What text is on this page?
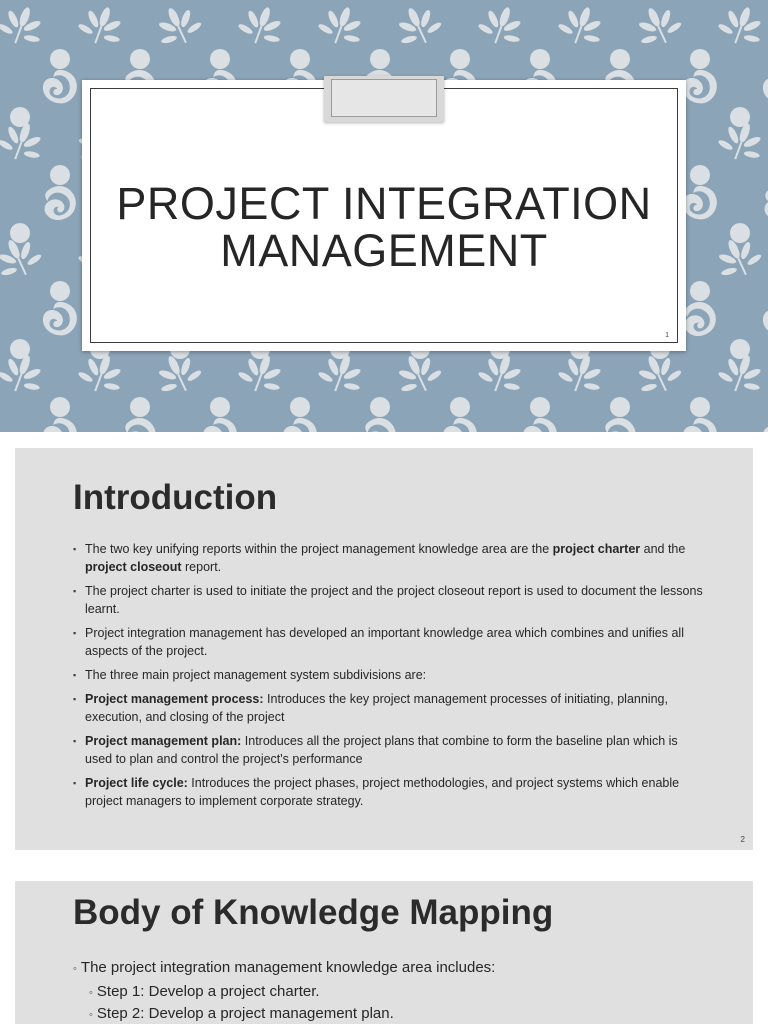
PROJECT INTEGRATION
MANAGEMENT
1
Introduction
▪ The two key unifying reports within the project management knowledge area are the project charter and the project closeout report.
▪ The project charter is used to initiate the project and the project closeout report is used to document the lessons learnt.
▪ Project integration management has developed an important knowledge area which combines and unifies all aspects of the project.
▪ The three main project management system subdivisions are:
▪ Project management process: Introduces the key project management processes of initiating, planning, execution, and closing of the project
▪ Project management plan: Introduces all the project plans that combine to form the baseline plan which is used to plan and control the project's performance
▪ Project life cycle: Introduces the project phases, project methodologies, and project systems which enable project managers to implement corporate strategy.
2
Body of Knowledge Mapping
◦ The project integration management knowledge area includes:
◦ Step 1: Develop a project charter.
◦ Step 2: Develop a project management plan.
